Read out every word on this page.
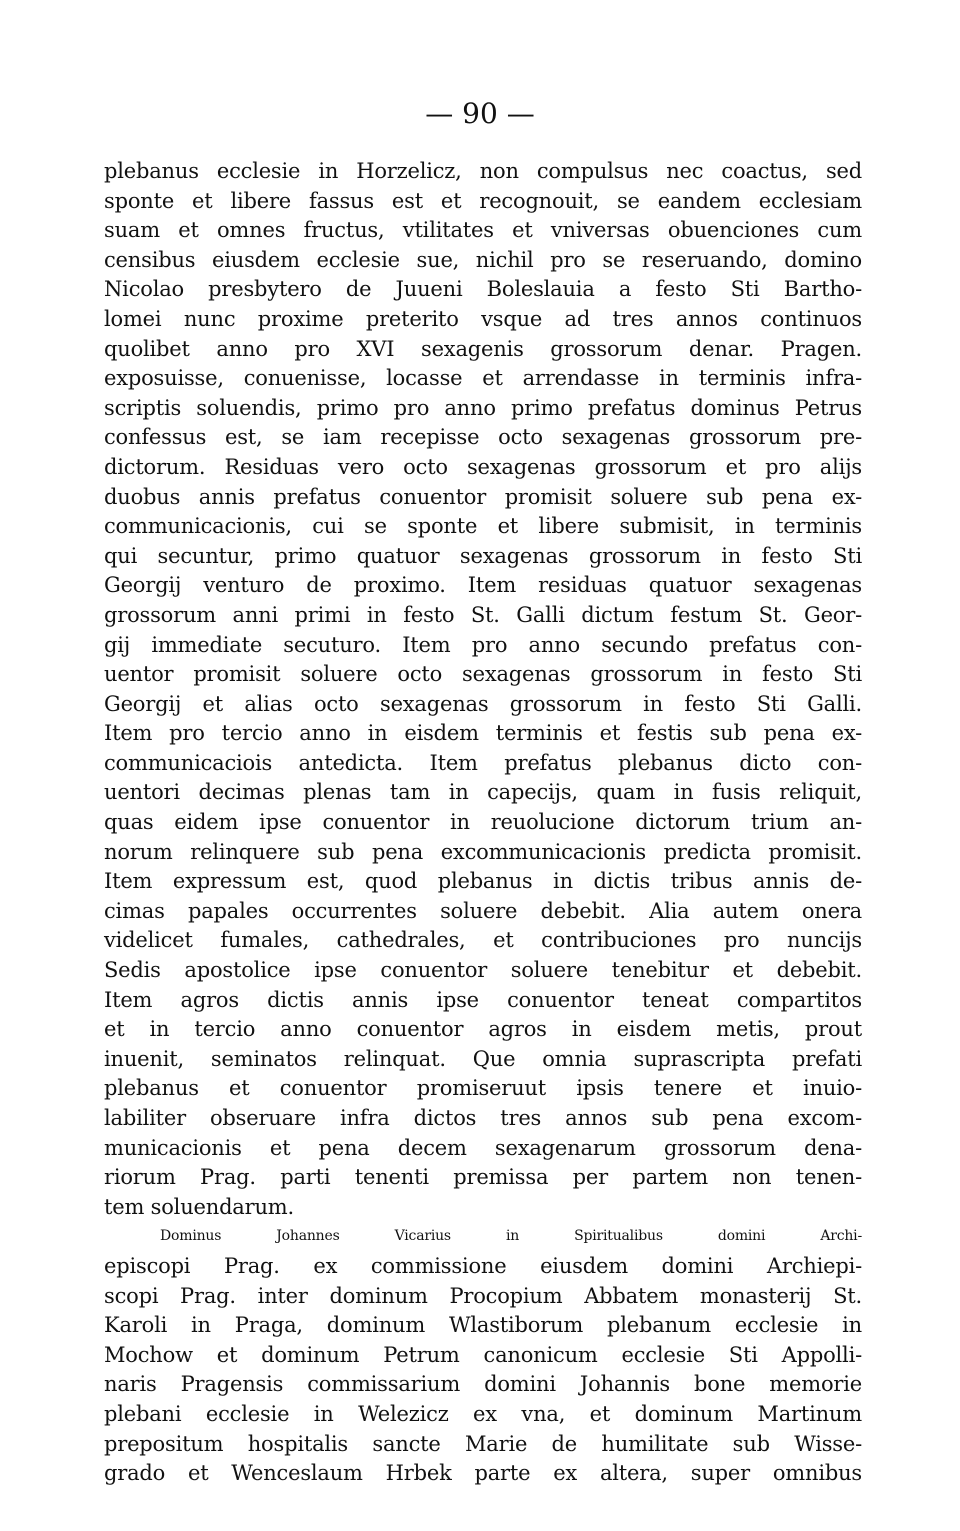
— 90 —
plebanus ecclesie in Horzelicz, non compulsus nec coactus, sed
sponte et libere fassus est et recognouit, se eandem ecclesiam
suam et omnes fructus, vtilitates et vniversas obuenciones cum
censibus eiusdem ecclesie sue, nichil pro se reseruando, domino
Nicolao presbytero de Juueni Boleslauia a festo Sti Bartho-
lomei nunc proxime preterito vsque ad tres annos continuos
quolibet anno pro XVI sexagenis grossorum denar. Pragen.
exposuisse, conuenisse, locasse et arrendasse in terminis infra-
scriptis soluendis, primo pro anno primo prefatus dominus Petrus
confessus est, se iam recepisse octo sexagenas grossorum pre-
dictorum. Residuas vero octo sexagenas grossorum et pro alijs
duobus annis prefatus conuentor promisit soluere sub pena ex-
communicacionis, cui se sponte et libere submisit, in terminis
qui secuntur, primo quatuor sexagenas grossorum in festo Sti
Georgij venturo de proximo. Item residuas quatuor sexagenas
grossorum anni primi in festo St. Galli dictum festum St. Geor-
gij immediate secuturo. Item pro anno secundo prefatus con-
uentor promisit soluere octo sexagenas grossorum in festo Sti
Georgij et alias octo sexagenas grossorum in festo Sti Galli.
Item pro tercio anno in eisdem terminis et festis sub pena ex-
communicaciois antedicta. Item prefatus plebanus dicto con-
uentori decimas plenas tam in capecijs, quam in fusis reliquit,
quas eidem ipse conuentor in reuolucione dictorum trium an-
norum relinquere sub pena excommunicacionis predicta promisit.
Item expressum est, quod plebanus in dictis tribus annis de-
cimas papales occurrentes soluere debebit. Alia autem onera
videlicet fumales, cathedrales, et contribuciones pro nuncijs
Sedis apostolice ipse conuentor soluere tenebitur et debebit.
Item agros dictis annis ipse conuentor teneat compartitos
et in tercio anno conuentor agros in eisdem metis, prout
inuenit, seminatos relinquat. Que omnia suprascripta prefati
plebanus et conuentor promiseruut ipsis tenere et inuio-
labiliter obseruare infra dictos tres annos sub pena excom-
municacionis et pena decem sexagenarum grossorum dena-
riorum Prag. parti tenenti premissa per partem non tenen-
tem soluendarum.
Dominus Johannes Vicarius in Spiritualibus domini Archi-
episcopi Prag. ex commissione eiusdem domini Archiepi-
scopi Prag. inter dominum Procopium Abbatem monasterij St.
Karoli in Praga, dominum Wlastiborum plebanum ecclesie in
Mochow et dominum Petrum canonicum ecclesie Sti Appolli-
naris Pragensis commissarium domini Johannis bone memorie
plebani ecclesie in Welezicz ex vna, et dominum Martinum
prepositum hospitalis sancte Marie de humilitate sub Wisse-
grado et Wenceslaum Hrbek parte ex altera, super omnibus
